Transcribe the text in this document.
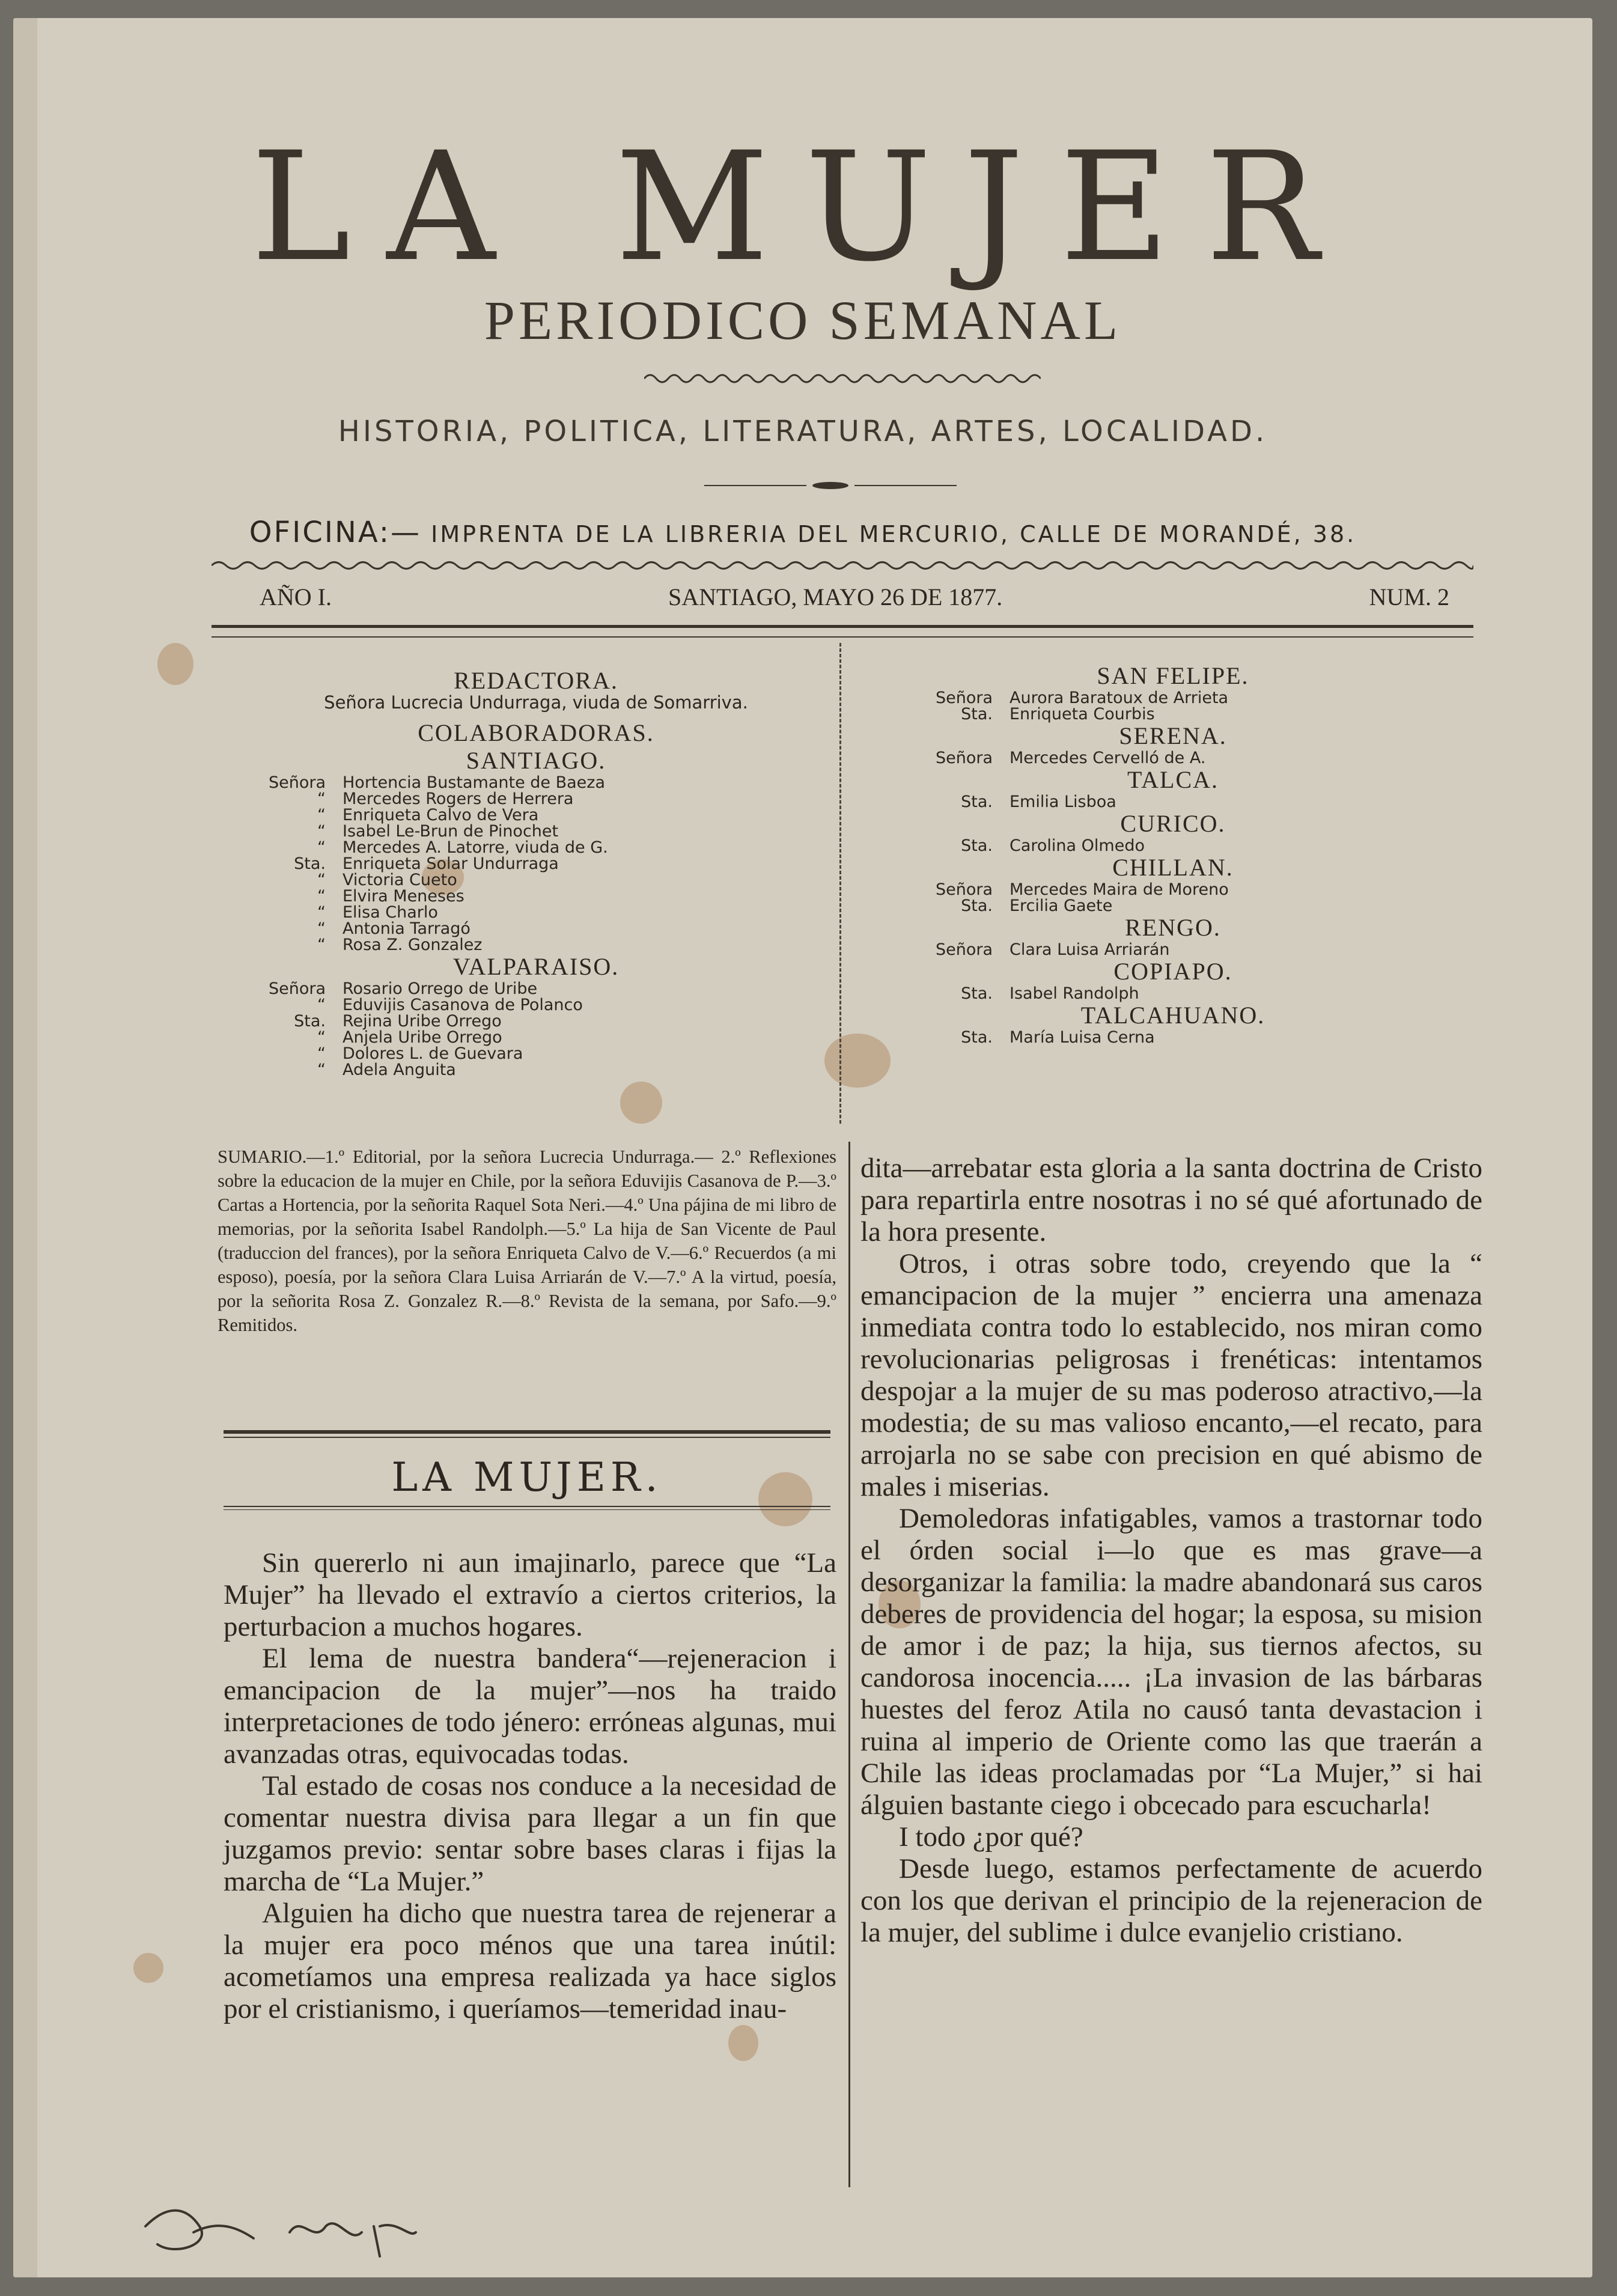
LA MUJER
PERIODICO SEMANAL
HISTORIA, POLITICA, LITERATURA, ARTES, LOCALIDAD.
OFICINA:— IMPRENTA DE LA LIBRERIA DEL MERCURIO, CALLE DE MORANDÉ, 38.
AÑO I.	SANTIAGO, MAYO 26 DE 1877.	NUM. 2
REDACTORA.
Señora Lucrecia Undurraga, viuda de Somarriva.
COLABORADORAS.
SANTIAGO.
Señora Hortencia Bustamante de Baeza
“ Mercedes Rogers de Herrera
“ Enriqueta Calvo de Vera
“ Isabel Le-Brun de Pinochet
“ Mercedes A. Latorre, viuda de G.
Sta. Enriqueta Solar Undurraga
“ Victoria Cueto
“ Elvira Meneses
“ Elisa Charlo
“ Antonia Tarragó
“ Rosa Z. Gonzalez
VALPARAISO.
Señora Rosario Orrego de Uribe
“ Eduvijis Casanova de Polanco
Sta. Rejina Uribe Orrego
“ Anjela Uribe Orrego
“ Dolores L. de Guevara
“ Adela Anguita
SAN FELIPE.
Señora Aurora Baratoux de Arrieta
Sta. Enriqueta Courbis
SERENA.
Señora Mercedes Cervelló de A.
TALCA.
Sta. Emilia Lisboa
CURICO.
Sta. Carolina Olmedo
CHILLAN.
Señora Mercedes Maira de Moreno
Sta. Ercilia Gaete
RENGO.
Señora Clara Luisa Arriarán
COPIAPO.
Sta. Isabel Randolph
TALCAHUANO.
Sta. María Luisa Cerna
SUMARIO.—1.º Editorial, por la señora Lucrecia Undurraga.— 2.º Reflexiones sobre la educacion de la mujer en Chile, por la señora Eduvijis Casanova de P.—3.º Cartas a Hortencia, por la señorita Raquel Sota Neri.—4.º Una pájina de mi libro de memorias, por la señorita Isabel Randolph.—5.º La hija de San Vicente de Paul (traduccion del frances), por la señora Enriqueta Calvo de V.—6.º Recuerdos (a mi esposo), poesía, por la señora Clara Luisa Arriarán de V.—7.º A la virtud, poesía, por la señorita Rosa Z. Gonzalez R.—8.º Revista de la semana, por Safo.—9.º Remitidos.
LA MUJER.

Sin quererlo ni aun imajinarlo, parece que “La Mujer” ha llevado el extravío a ciertos criterios, la perturbacion a muchos hogares.

El lema de nuestra bandera“—rejeneracion i emancipacion de la mujer”—nos ha traido interpretaciones de todo jénero: erróneas algunas, mui avanzadas otras, equivocadas todas.

Tal estado de cosas nos conduce a la necesidad de comentar nuestra divisa para llegar a un fin que juzgamos previo: sentar sobre bases claras i fijas la marcha de “La Mujer.”

Alguien ha dicho que nuestra tarea de rejenerar a la mujer era poco ménos que una tarea inútil: acometíamos una empresa realizada ya hace siglos por el cristianismo, i queríamos—temeridad inau-

dita—arrebatar esta gloria a la santa doctrina de Cristo para repartirla entre nosotras i no sé qué afortunado de la hora presente.

Otros, i otras sobre todo, creyendo que la “ emancipacion de la mujer ” encierra una amenaza inmediata contra todo lo establecido, nos miran como revolucionarias peligrosas i frenéticas: intentamos despojar a la mujer de su mas poderoso atractivo,—la modestia; de su mas valioso encanto,—el recato, para arrojarla no se sabe con precision en qué abismo de males i miserias.

Demoledoras infatigables, vamos a trastornar todo el órden social i—lo que es mas grave—a desorganizar la familia: la madre abandonará sus caros deberes de providencia del hogar; la esposa, su mision de amor i de paz; la hija, sus tiernos afectos, su candorosa inocencia..... ¡La invasion de las bárbaras huestes del feroz Atila no causó tanta devastacion i ruina al imperio de Oriente como las que traerán a Chile las ideas proclamadas por “La Mujer,” si hai álguien bastante ciego i obcecado para escucharla!

I todo ¿por qué?

Desde luego, estamos perfectamente de acuerdo con los que derivan el principio de la rejeneracion de la mujer, del sublime i dulce evanjelio cristiano.
